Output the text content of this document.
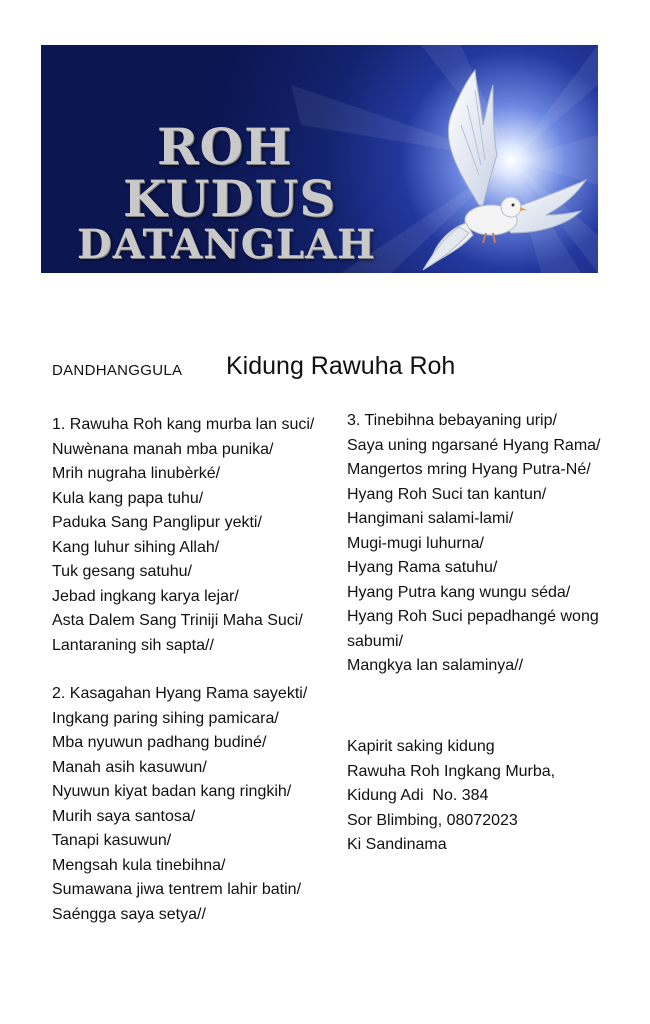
ROH
KUDUS
DATANGLAH
DANDHANGGULA Kidung Rawuha Roh
1. Rawuha Roh kang murba lan suci/
Nuwènana manah mba punika/
Mrih nugraha linubèrké/
Kula kang papa tuhu/
Paduka Sang Panglipur yekti/
Kang luhur sihing Allah/
Tuk gesang satuhu/
Jebad ingkang karya lejar/
Asta Dalem Sang Triniji Maha Suci/
Lantaraning sih sapta//
2. Kasagahan Hyang Rama sayekti/
Ingkang paring sihing pamicara/
Mba nyuwun padhang budiné/
Manah asih kasuwun/
Nyuwun kiyat badan kang ringkih/
Murih saya santosa/
Tanapi kasuwun/
Mengsah kula tinebihna/
Sumawana jiwa tentrem lahir batin/
Saéngga saya setya//
3. Tinebihna bebayaning urip/
Saya uning ngarsané Hyang Rama/
Mangertos mring Hyang Putra-Né/
Hyang Roh Suci tan kantun/
Hangimani salami-lami/
Mugi-mugi luhurna/
Hyang Rama satuhu/
Hyang Putra kang wungu séda/
Hyang Roh Suci pepadhangé wong sabumi/
Mangkya lan salaminya//
Kapirit saking kidung
Rawuha Roh Ingkang Murba,
Kidung Adi  No. 384
Sor Blimbing, 08072023
Ki Sandinama
